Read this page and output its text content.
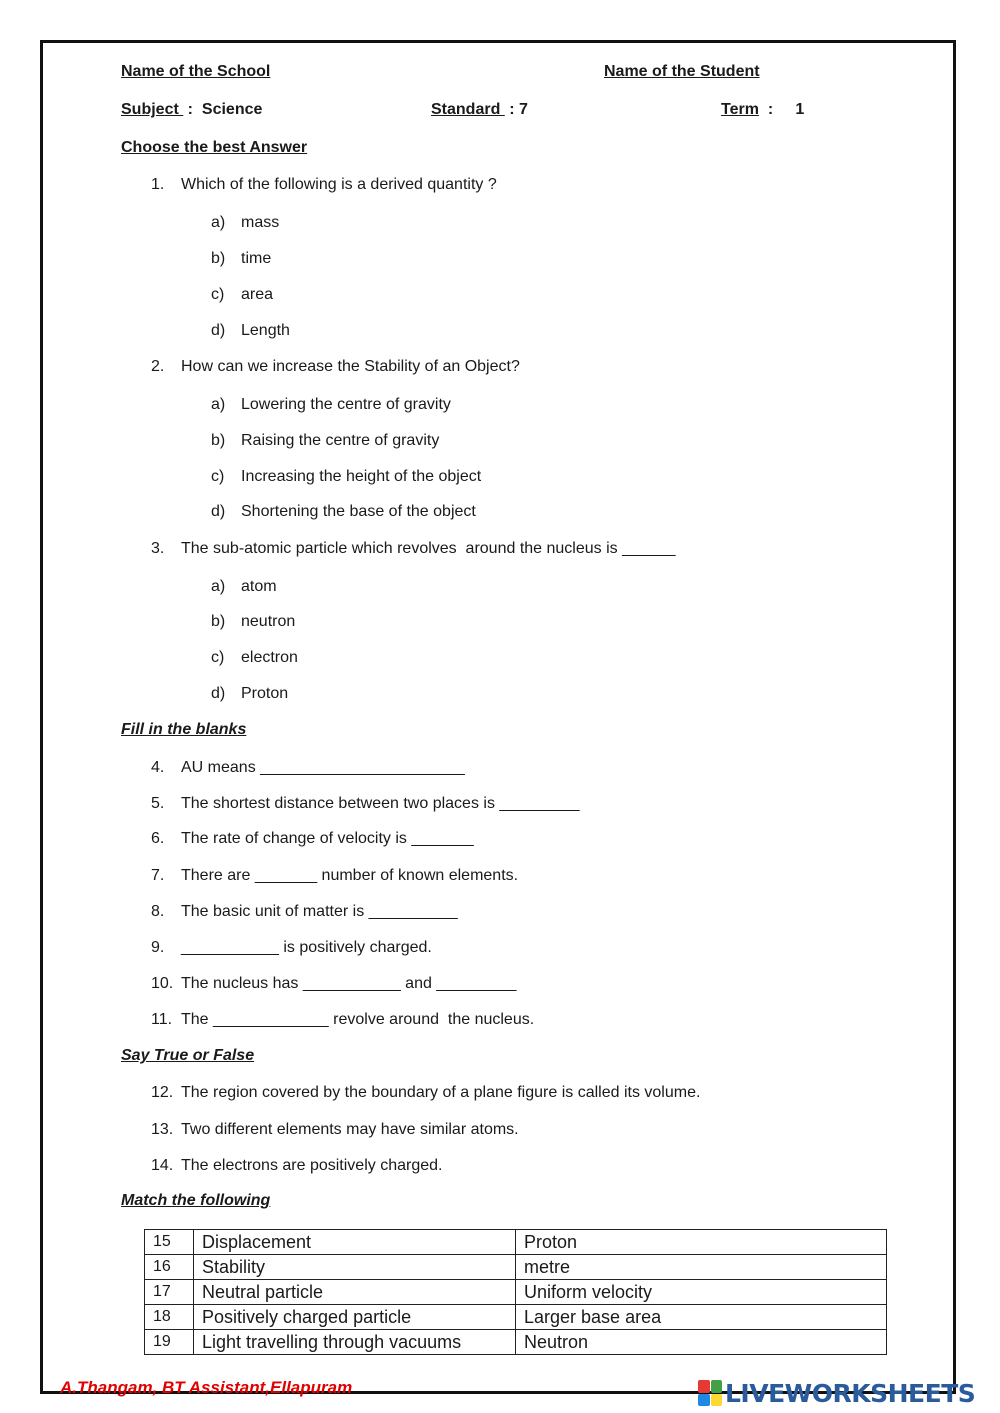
Name of the School	Name of the Student
Subject  :  Science	Standard  : 7	Term  :     1
Choose the best Answer
1. Which of the following is a derived quantity ?
a) mass
b) time
c) area
d) Length
2. How can we increase the Stability of an Object?
a) Lowering the centre of gravity
b) Raising the centre of gravity
c) Increasing the height of the object
d) Shortening the base of the object
3. The sub-atomic particle which revolves  around the nucleus is ______
a) atom
b) neutron
c) electron
d) Proton
Fill in the blanks
4. AU means _______________________
5. The shortest distance between two places is _________
6. The rate of change of velocity is _______
7. There are _______ number of known elements.
8. The basic unit of matter is __________
9. ___________ is positively charged.
10. The nucleus has ___________ and _________
11. The _____________ revolve around  the nucleus.
Say True or False
12. The region covered by the boundary of a plane figure is called its volume.
13. Two different elements may have similar atoms.
14. The electrons are positively charged.
Match the following
15	Displacement	Proton
16	Stability	metre
17	Neutral particle	Uniform velocity
18	Positively charged particle	Larger base area
19	Light travelling through vacuums	Neutron
A.Thangam, BT Assistant,Ellapuram	LIVEWORKSHEETS
